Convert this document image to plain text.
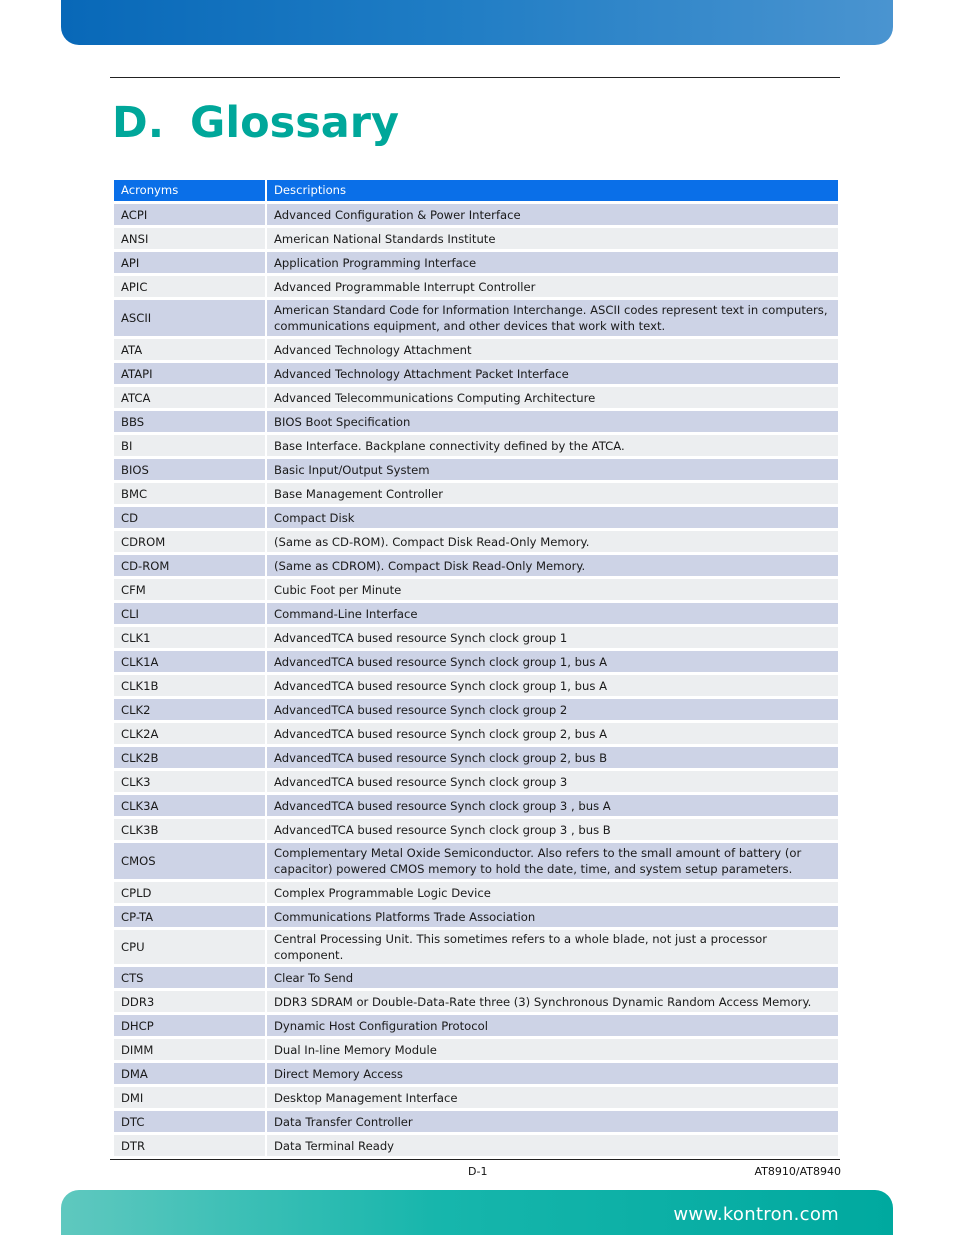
D. Glossary
Acronyms	Descriptions
ACPI	Advanced Configuration & Power Interface
ANSI	American National Standards Institute
API	Application Programming Interface
APIC	Advanced Programmable Interrupt Controller
ASCII	American Standard Code for Information Interchange. ASCII codes represent text in computers, communications equipment, and other devices that work with text.
ATA	Advanced Technology Attachment
ATAPI	Advanced Technology Attachment Packet Interface
ATCA	Advanced Telecommunications Computing Architecture
BBS	BIOS Boot Specification
BI	Base Interface. Backplane connectivity defined by the ATCA.
BIOS	Basic Input/Output System
BMC	Base Management Controller
CD	Compact Disk
CDROM	(Same as CD-ROM). Compact Disk Read-Only Memory.
CD-ROM	(Same as CDROM). Compact Disk Read-Only Memory.
CFM	Cubic Foot per Minute
CLI	Command-Line Interface
CLK1	AdvancedTCA bused resource Synch clock group 1
CLK1A	AdvancedTCA bused resource Synch clock group 1, bus A
CLK1B	AdvancedTCA bused resource Synch clock group 1, bus A
CLK2	AdvancedTCA bused resource Synch clock group 2
CLK2A	AdvancedTCA bused resource Synch clock group 2, bus A
CLK2B	AdvancedTCA bused resource Synch clock group 2, bus B
CLK3	AdvancedTCA bused resource Synch clock group 3
CLK3A	AdvancedTCA bused resource Synch clock group 3 , bus A
CLK3B	AdvancedTCA bused resource Synch clock group 3 , bus B
CMOS	Complementary Metal Oxide Semiconductor. Also refers to the small amount of battery (or capacitor) powered CMOS memory to hold the date, time, and system setup parameters.
CPLD	Complex Programmable Logic Device
CP-TA	Communications Platforms Trade Association
CPU	Central Processing Unit. This sometimes refers to a whole blade, not just a processor component.
CTS	Clear To Send
DDR3	DDR3 SDRAM or Double-Data-Rate three (3) Synchronous Dynamic Random Access Memory.
DHCP	Dynamic Host Configuration Protocol
DIMM	Dual In-line Memory Module
DMA	Direct Memory Access
DMI	Desktop Management Interface
DTC	Data Transfer Controller
DTR	Data Terminal Ready
D-1	AT8910/AT8940
www.kontron.com
